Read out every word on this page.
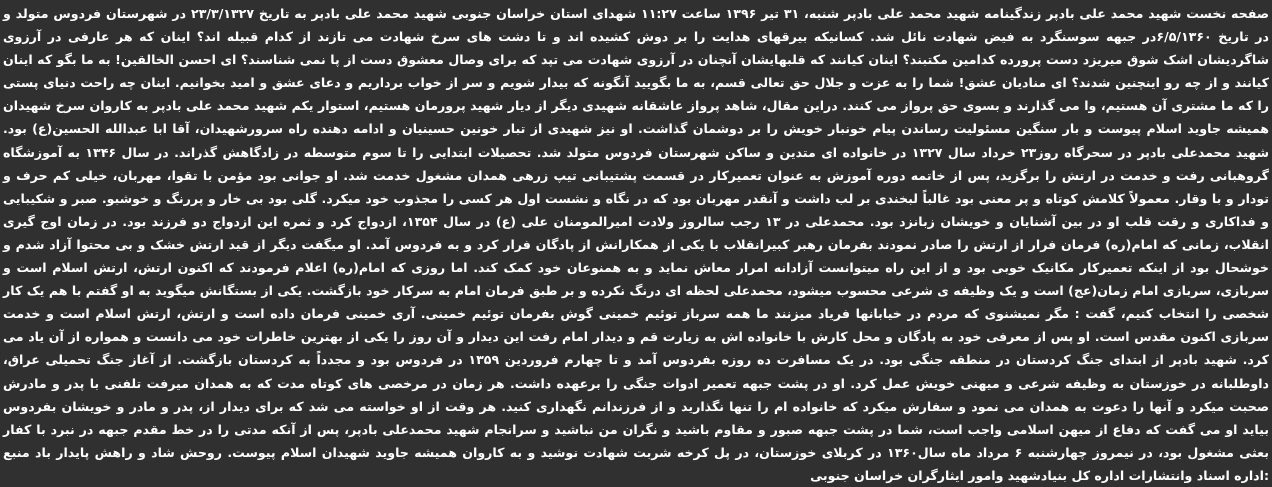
صفحه نخست شهید محمد علی بادپر زندگینامه شهید محمد علی بادپر شنبه، ۳۱ تیر ۱۳۹۶ ساعت ۱۱:۲۷ شهدای استان خراسان جنوبی شهید محمد علی بادپر به تاریخ ۲۳/۳/۱۳۲۷ در شهرستان فردوس متولد و در تاریخ ۶/۵/۱۳۶۰در جبهه سوسنگرد به فیض شهادت نائل شد. کسانیکه بیرقهای هدایت را بر دوش کشیده اند و تا دشت های سرخ شهادت می تازند از کدام قبیله اند؟ اینان که هر عارفی در آرزوی شاگردیشان اشک شوق میریزد دست پرورده کدامین مکتبند؟ اینان کیانند که قلبهایشان آنچنان در آرزوی شهادت می تپد که برای وصال معشوق دست از پا نمی شناسند؟ ای احسن الخالقین! به ما بگو که اینان کیانند و از چه رو اینچنین شدند؟ ای منادیان عشق! شما را به عزت و جلال حق تعالی قسم، به ما بگوييد آنگونه که بیدار شويم و سر از خواب برداریم و دعای عشق و امید بخوانیم. اینان چه راحت دنیای پستی را که ما مشتری آن هستیم، وا می گذارند و بسوی حق پرواز می کنند. دراین مقال، شاهد پرواز عاشقانه شهیدی دیگر از دیار شهید پرورمان هستیم، استوار یکم شهید محمد علی بادپر به کاروان سرخ شهیدان همیشه جاوید اسلام پیوست و بار سنگین مسئولیت رساندن پیام خونبار خویش را بر دوشمان گذاشت. او نیز شهیدی از تبار خونین حسینیان و ادامه دهنده راه سرورشهیدان، آقا ابا عبدالله الحسین(ع) بود. شهید محمدعلی بادپر در سحرگاه روز۲۳ خرداد سال ۱۳۲۷ در خانواده ای متدین و ساکن شهرستان فردوس متولد شد. تحصیلات ابتدایی را تا سوم متوسطه در زادگاهش گذراند. در سال ۱۳۴۶ به آموزشگاه گروهبانی رفت و خدمت در ارتش را برگزید، پس از خاتمه دوره آموزش به عنوان تعمیرکار در قسمت پشتیبانی تیپ زرهی همدان مشغول خدمت شد. او جوانی بود مؤمن با تقوا، مهربان، خیلی کم حرف و تودار و با وقار. معمولاً کلامش کوتاه و پر معنی بود غالباً لبخندی بر لب داشت و آنقدر مهربان بود که در نگاه و نشست اول هر کسی را مجذوب خود میکرد. گلی بود بی خار و پررنگ و خوشبو. صبر و شکیبایی و فداکاری و رقت قلب او در بین آشنایان و خویشان زبانزد بود. محمدعلی در ۱۳ رجب سالروز ولادت امیرالمومنان علی (ع) در سال ۱۳۵۴، ازدواج کرد و ثمره این ازدواج دو فرزند بود. در زمان اوج گیری انقلاب، زمانی که امام(ره) فرمان فرار از ارتش را صادر نمودند بفرمان رهبر کبیرانقلاب با یکی از همکارانش از پادگان فرار کرد و به فردوس آمد. او میگفت دیگر از قید ارتش خشک و بی محتوا آزاد شدم و خوشحال بود از اینکه تعمیرکار مکانیک خوبی بود و از این راه میتوانست آزادانه امرار معاش نماید و به همنوعان خود کمک کند. اما روزی که امام(ره) اعلام فرمودند که اکنون ارتش، ارتش اسلام است و سربازی، سربازی امام زمان(عج) است و یک وظیفه ی شرعی محسوب میشود، محمدعلی لحظه ای درنگ نکرده و بر طبق فرمان امام به سرکار خود بازگشت. یکی از بستگانش میگوید به او گفتم با هم یک کار شخصی را انتخاب کنیم، گفت : مگر نمیشنوی که مردم در خیابانها فریاد میزنند ما همه سرباز توئیم خمینی گوش بفرمان توئیم خمینی. آری خمینی فرمان داده است و ارتش، ارتش اسلام است و خدمت سربازی اکنون مقدس است. او پس از معرفی خود به پادگان و محل کارش با خانواده اش به زیارت قم و دیدار امام رفت این دیدار و آن روز را یکی از بهترین خاطرات خود می دانست و همواره از آن یاد می کرد. شهید بادپر از ابتدای جنگ کردستان در منطقه جنگی بود. در یک مسافرت ده روزه بفردوس آمد و تا چهارم فروردین ۱۳۵۹ در فردوس بود و مجدداً به کردستان بازگشت. از آغاز جنگ تحمیلی عراق، داوطلبانه در خوزستان به وظیفه شرعی و میهنی خویش عمل کرد. او در پشت جبهه تعمیر ادوات جنگی را برعهده داشت. هر زمان در مرخصی های کوتاه مدت که به همدان میرفت تلفنی با پدر و مادرش صحبت میکرد و آنها را دعوت به همدان می نمود و سفارش میکرد که خانواده ام را تنها نگذارید و از فرزندانم نگهداری کنید. هر وقت از او خواسته می شد که برای دیدار از، پدر و مادر و خویشان بفردوس بیاید او می گفت که دفاع از میهن اسلامی واجب است، شما در پشت جبهه صبور و مقاوم باشید و نگران من نباشید و سرانجام شهید محمدعلی بادپر، پس از آنکه مدتی را در خط مقدم جبهه در نبرد با کفار بعثی مشغول بود، در نیمروز چهارشنبه ۶ مرداد ماه سال۱۳۶۰ در کربلای خوزستان، در پل کرخه شربت شهادت نوشید و به کاروان همیشه جاوید شهیدان اسلام پیوست. روحش شاد و راهش پایدار باد منبع :اداره اسناد وانتشارات اداره کل بنیادشهید وامور ایثارگران خراسان جنوبی
